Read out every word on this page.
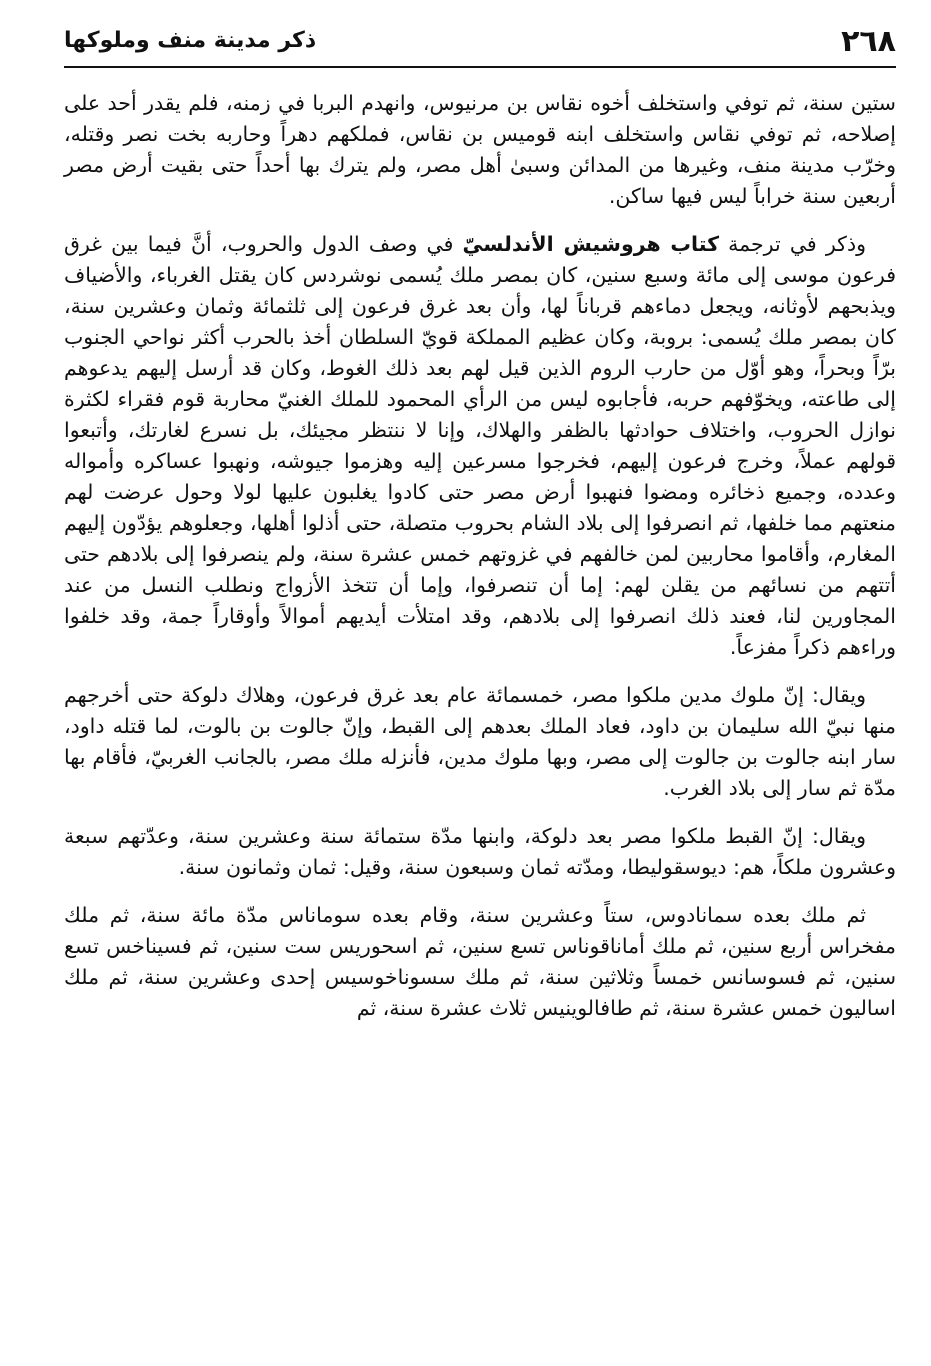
٢٦٨
ذكر مدينة منف وملوكها

ستين سنة، ثم توفي واستخلف أخوه نقاس بن مرنيوس، وانهدم البربا في زمنه، فلم يقدر أحد على إصلاحه، ثم توفي نقاس واستخلف ابنه قوميس بن نقاس، فملكهم دهراً وحاربه بخت نصر وقتله، وخرّب مدينة منف، وغيرها من المدائن وسبىٰ أهل مصر، ولم يترك بها أحداً حتى بقيت أرض مصر أربعين سنة خراباً ليس فيها ساكن.

وذكر في ترجمة كتاب هروشيش الأندلسيّ في وصف الدول والحروب، أنَّ فيما بين غرق فرعون موسى إلى مائة وسبع سنين، كان بمصر ملك يُسمى نوشردس كان يقتل الغرباء، والأضياف ويذبحهم لأوثانه، ويجعل دماءهم قرباناً لها، وأن بعد غرق فرعون إلى ثلثمائة وثمان وعشرين سنة، كان بمصر ملك يُسمى: بروبة، وكان عظيم المملكة قويّ السلطان أخذ بالحرب أكثر نواحي الجنوب برّاً وبحراً، وهو أوّل من حارب الروم الذين قيل لهم بعد ذلك الغوط، وكان قد أرسل إليهم يدعوهم إلى طاعته، ويخوّفهم حربه، فأجابوه ليس من الرأي المحمود للملك الغنيّ محاربة قوم فقراء لكثرة نوازل الحروب، واختلاف حوادثها بالظفر والهلاك، وإنا لا ننتظر مجيئك، بل نسرع لغارتك، وأتبعوا قولهم عملاً، وخرج فرعون إليهم، فخرجوا مسرعين إليه وهزموا جيوشه، ونهبوا عساكره وأمواله وعدده، وجميع ذخائره ومضوا فنهبوا أرض مصر حتى كادوا يغلبون عليها لولا وحول عرضت لهم منعتهم مما خلفها، ثم انصرفوا إلى بلاد الشام بحروب متصلة، حتى أذلوا أهلها، وجعلوهم يؤدّون إليهم المغارم، وأقاموا محاربين لمن خالفهم في غزوتهم خمس عشرة سنة، ولم ينصرفوا إلى بلادهم حتى أتتهم من نسائهم من يقلن لهم: إما أن تنصرفوا، وإما أن تتخذ الأزواج ونطلب النسل من عند المجاورين لنا، فعند ذلك انصرفوا إلى بلادهم، وقد امتلأت أيديهم أموالاً وأوقاراً جمة، وقد خلفوا وراءهم ذكراً مفزعاً.

ويقال: إنّ ملوك مدين ملكوا مصر، خمسمائة عام بعد غرق فرعون، وهلاك دلوكة حتى أخرجهم منها نبيّ الله سليمان بن داود، فعاد الملك بعدهم إلى القبط، وإنّ جالوت بن بالوت، لما قتله داود، سار ابنه جالوت بن جالوت إلى مصر، وبها ملوك مدين، فأنزله ملك مصر، بالجانب الغربيّ، فأقام بها مدّة ثم سار إلى بلاد الغرب.

ويقال: إنّ القبط ملكوا مصر بعد دلوكة، وابنها مدّة ستمائة سنة وعشرين سنة، وعدّتهم سبعة وعشرون ملكاً، هم: ديوسقوليطا، ومدّته ثمان وسبعون سنة، وقيل: ثمان وثمانون سنة.

ثم ملك بعده سمانادوس، ستاً وعشرين سنة، وقام بعده سوماناس مدّة مائة سنة، ثم ملك مفخراس أربع سنين، ثم ملك أماناقوناس تسع سنين، ثم اسحوريس ست سنين، ثم فسيناخس تسع سنين، ثم فسوسانس خمساً وثلاثين سنة، ثم ملك سسوناخوسيس إحدى وعشرين سنة، ثم ملك اساليون خمس عشرة سنة، ثم طافالوينيس ثلاث عشرة سنة، ثم
